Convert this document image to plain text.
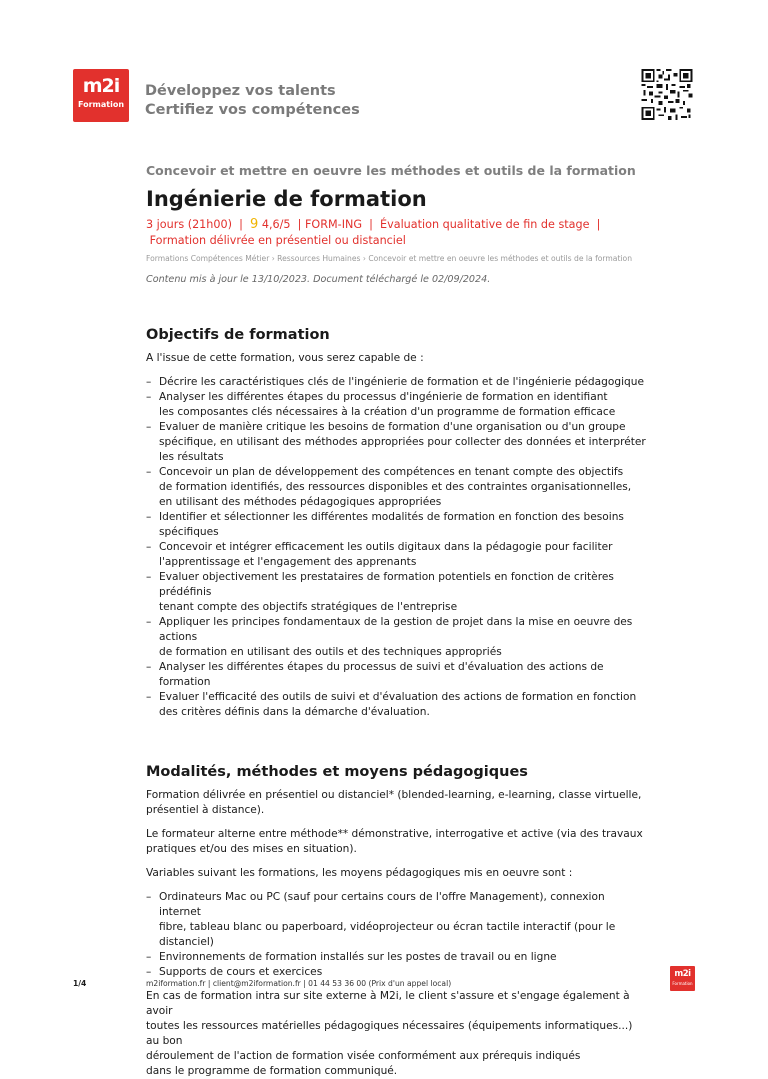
m2i
Formation
Développez vos talents
Certifiez vos compétences

Concevoir et mettre en oeuvre les méthodes et outils de la formation

Ingénierie de formation

3 jours (21h00)  |  9 4,6/5  | FORM-ING  |  Évaluation qualitative de fin de stage  |  Formation délivrée en présentiel ou distanciel

Formations Compétences Métier › Ressources Humaines › Concevoir et mettre en oeuvre les méthodes et outils de la formation

Contenu mis à jour le 13/10/2023. Document téléchargé le 02/09/2024.

Objectifs de formation

A l'issue de cette formation, vous serez capable de :

– Décrire les caractéristiques clés de l'ingénierie de formation et de l'ingénierie pédagogique
– Analyser les différentes étapes du processus d'ingénierie de formation en identifiant
les composantes clés nécessaires à la création d'un programme de formation efficace
– Evaluer de manière critique les besoins de formation d'une organisation ou d'un groupe
spécifique, en utilisant des méthodes appropriées pour collecter des données et interpréter
les résultats
– Concevoir un plan de développement des compétences en tenant compte des objectifs
de formation identifiés, des ressources disponibles et des contraintes organisationnelles,
en utilisant des méthodes pédagogiques appropriées
– Identifier et sélectionner les différentes modalités de formation en fonction des besoins
spécifiques
– Concevoir et intégrer efficacement les outils digitaux dans la pédagogie pour faciliter
l'apprentissage et l'engagement des apprenants
– Evaluer objectivement les prestataires de formation potentiels en fonction de critères prédéfinis
tenant compte des objectifs stratégiques de l'entreprise
– Appliquer les principes fondamentaux de la gestion de projet dans la mise en oeuvre des actions
de formation en utilisant des outils et des techniques appropriés
– Analyser les différentes étapes du processus de suivi et d'évaluation des actions de formation
– Evaluer l'efficacité des outils de suivi et d'évaluation des actions de formation en fonction
des critères définis dans la démarche d'évaluation.
Modalités, méthodes et moyens pédagogiques

Formation délivrée en présentiel ou distanciel* (blended-learning, e-learning, classe virtuelle,
présentiel à distance).

Le formateur alterne entre méthode** démonstrative, interrogative et active (via des travaux
pratiques et/ou des mises en situation).

Variables suivant les formations, les moyens pédagogiques mis en oeuvre sont :

– Ordinateurs Mac ou PC (sauf pour certains cours de l'offre Management), connexion internet
fibre, tableau blanc ou paperboard, vidéoprojecteur ou écran tactile interactif (pour le distanciel)
– Environnements de formation installés sur les postes de travail ou en ligne
– Supports de cours et exercices

En cas de formation intra sur site externe à M2i, le client s'assure et s'engage également à avoir
toutes les ressources matérielles pédagogiques nécessaires (équipements informatiques...) au bon
déroulement de l'action de formation visée conformément aux prérequis indiqués
dans le programme de formation communiqué.

1/4	m2iformation.fr | client@m2iformation.fr | 01 44 53 36 00 (Prix d'un appel local)
m2i
Formation
